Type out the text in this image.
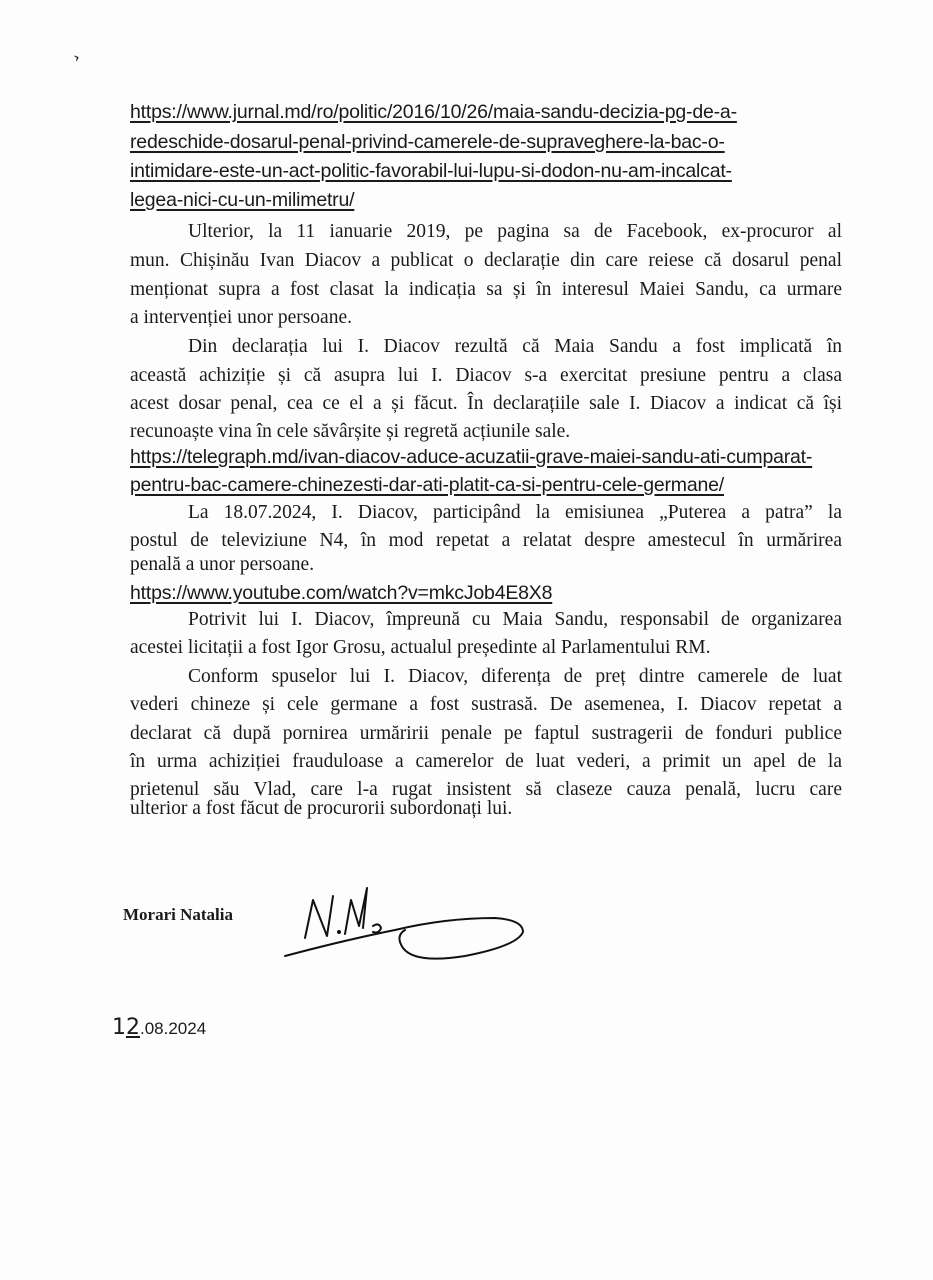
›
https://www.jurnal.md/ro/politic/2016/10/26/maia-sandu-decizia-pg-de-a-
redeschide-dosarul-penal-privind-camerele-de-supraveghere-la-bac-o-
intimidare-este-un-act-politic-favorabil-lui-lupu-si-dodon-nu-am-incalcat-
legea-nici-cu-un-milimetru/
Ulterior, la 11 ianuarie 2019, pe pagina sa de Facebook, ex-procuror al
mun. Chișinău Ivan Diacov a publicat o declarație din care reiese că dosarul penal
menționat supra a fost clasat la indicația sa și în interesul Maiei Sandu, ca urmare
a intervenției unor persoane.
Din declarația lui I. Diacov rezultă că Maia Sandu a fost implicată în
această achiziție și că asupra lui I. Diacov s-a exercitat presiune pentru a clasa
acest dosar penal, cea ce el a și făcut. În declarațiile sale I. Diacov a indicat că își
recunoaște vina în cele săvârșite și regretă acțiunile sale.
https://telegraph.md/ivan-diacov-aduce-acuzatii-grave-maiei-sandu-ati-cumparat-
pentru-bac-camere-chinezesti-dar-ati-platit-ca-si-pentru-cele-germane/
La 18.07.2024, I. Diacov, participând la emisiunea „Puterea a patra” la
postul de televiziune N4, în mod repetat a relatat despre amestecul în urmărirea
penală a unor persoane.
https://www.youtube.com/watch?v=mkcJob4E8X8
Potrivit lui I. Diacov, împreună cu Maia Sandu, responsabil de organizarea
acestei licitații a fost Igor Grosu, actualul președinte al Parlamentului RM.
Conform spuselor lui I. Diacov, diferența de preț dintre camerele de luat
vederi chineze și cele germane a fost sustrasă. De asemenea, I. Diacov repetat a
declarat că după pornirea urmăririi penale pe faptul sustragerii de fonduri publice
în urma achiziției frauduloase a camerelor de luat vederi, a primit un apel de la
prietenul său Vlad, care l-a rugat insistent să claseze cauza penală, lucru care
ulterior a fost făcut de procurorii subordonați lui.
Morari Natalia
12.08.2024
